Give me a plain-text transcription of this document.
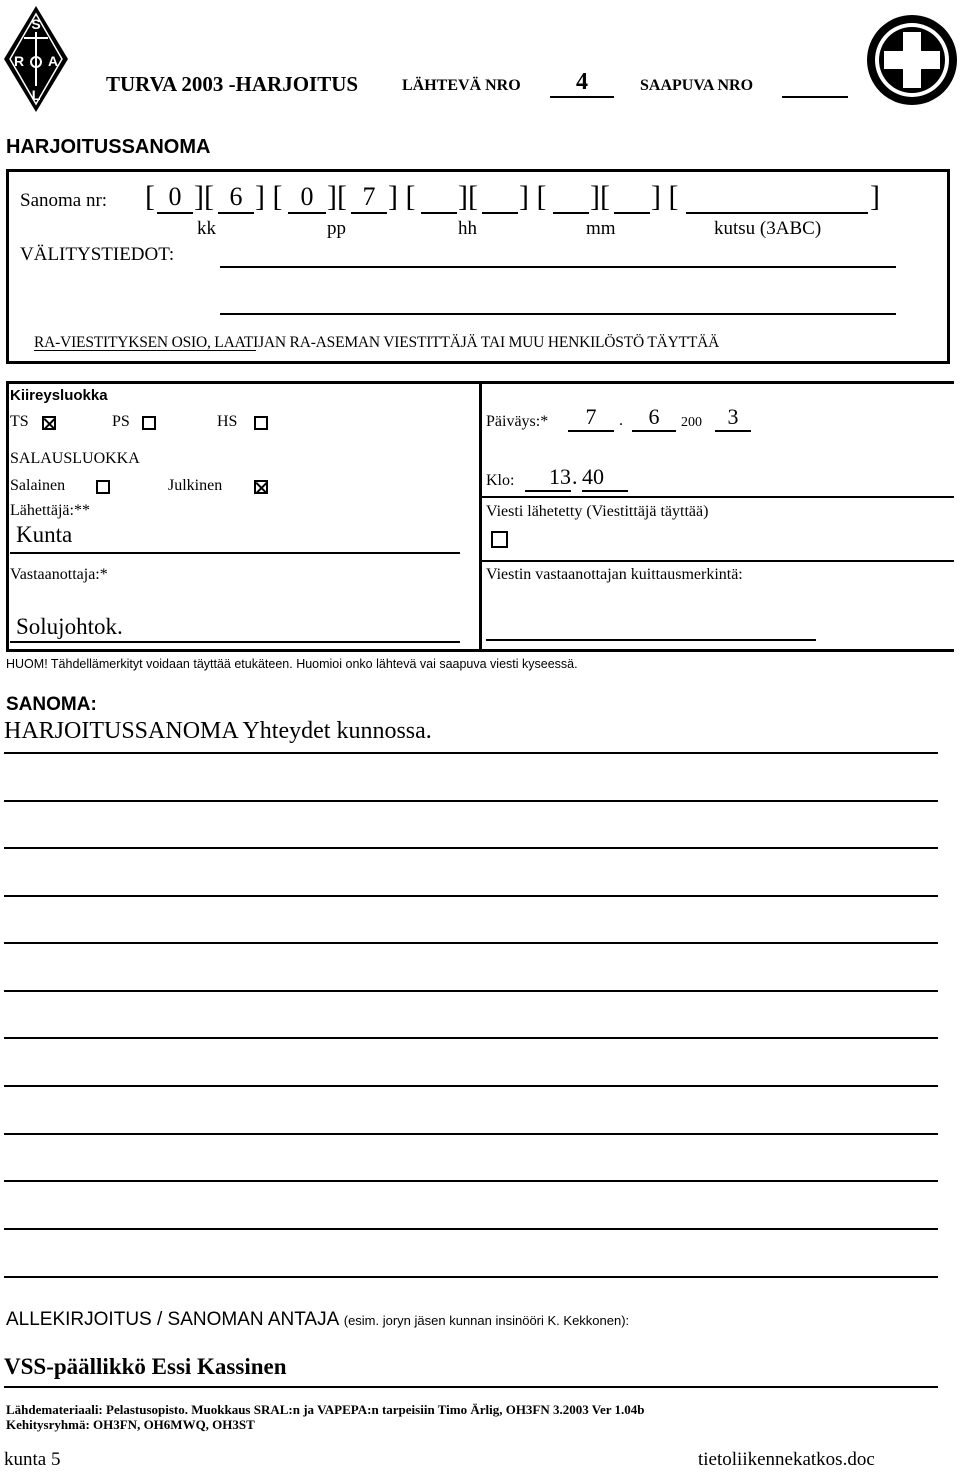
S
R A
L	TURVA 2003 -HARJOITUS	LÄHTEVÄ NRO	4	SAAPUVA NRO
HARJOITUSSANOMA
Sanoma nr: [ 0 ][ 6 ] [ 0 ][ 7 ] [ ][ ] [ ][ ] [	]
kk	pp	hh	mm	kutsu (3ABC)
VÄLITYSTIEDOT:
RA-VIESTITYKSEN OSIO, LAATIJAN RA-ASEMAN VIESTITTÄJÄ TAI MUU HENKILÖSTÖ TÄYTTÄÄ
Kiireysluokka
TS	PS	HS
SALAUSLUOKKA
Salainen	Julkinen
Lähettäjä:**
Kunta
Vastaanottaja:*
Solujohtok.
Päiväys:*	7	.	6	200	3
Klo:	13 . 40
Viesti lähetetty (Viestittäjä täyttää)
Viestin vastaanottajan kuittausmerkintä:
HUOM! Tähdellämerkityt voidaan täyttää etukäteen. Huomioi onko lähtevä vai saapuva viesti kyseessä.
SANOMA:
HARJOITUSSANOMA Yhteydet kunnossa.
ALLEKIRJOITUS / SANOMAN ANTAJA (esim. joryn jäsen kunnan insinööri K. Kekkonen):
VSS-päällikkö Essi Kassinen
Lähdemateriaali: Pelastusopisto. Muokkaus SRAL:n ja VAPEPA:n tarpeisiin Timo Ärlig, OH3FN 3.2003 Ver 1.04b
Kehitysryhmä: OH3FN, OH6MWQ, OH3ST
kunta 5	tietoliikennekatkos.doc
